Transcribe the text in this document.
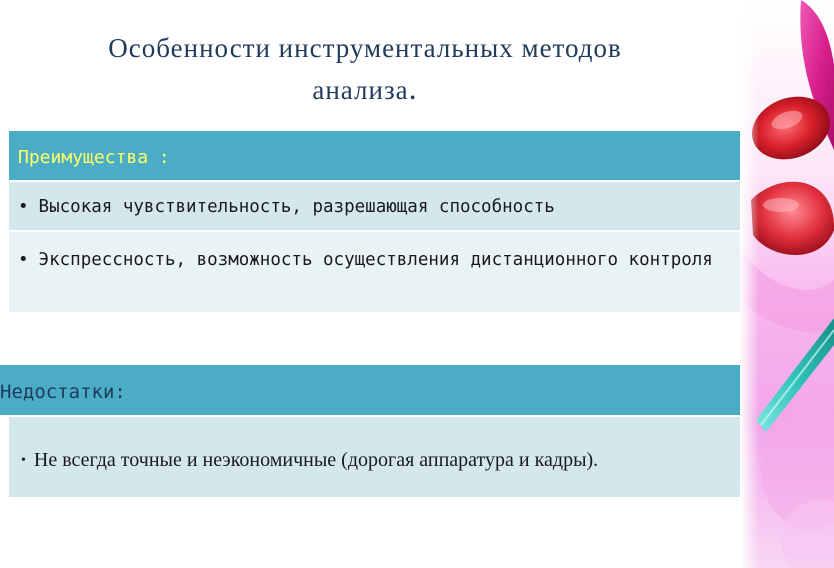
Особенности инструментальных методов
анализа.
Преимущества :
• Высокая чувствительность, разрешающая способность
• Экспрессность, возможность осуществления дистанционного контроля
Недостатки:
• Не всегда точные и неэкономичные (дорогая аппаратура и кадры).
